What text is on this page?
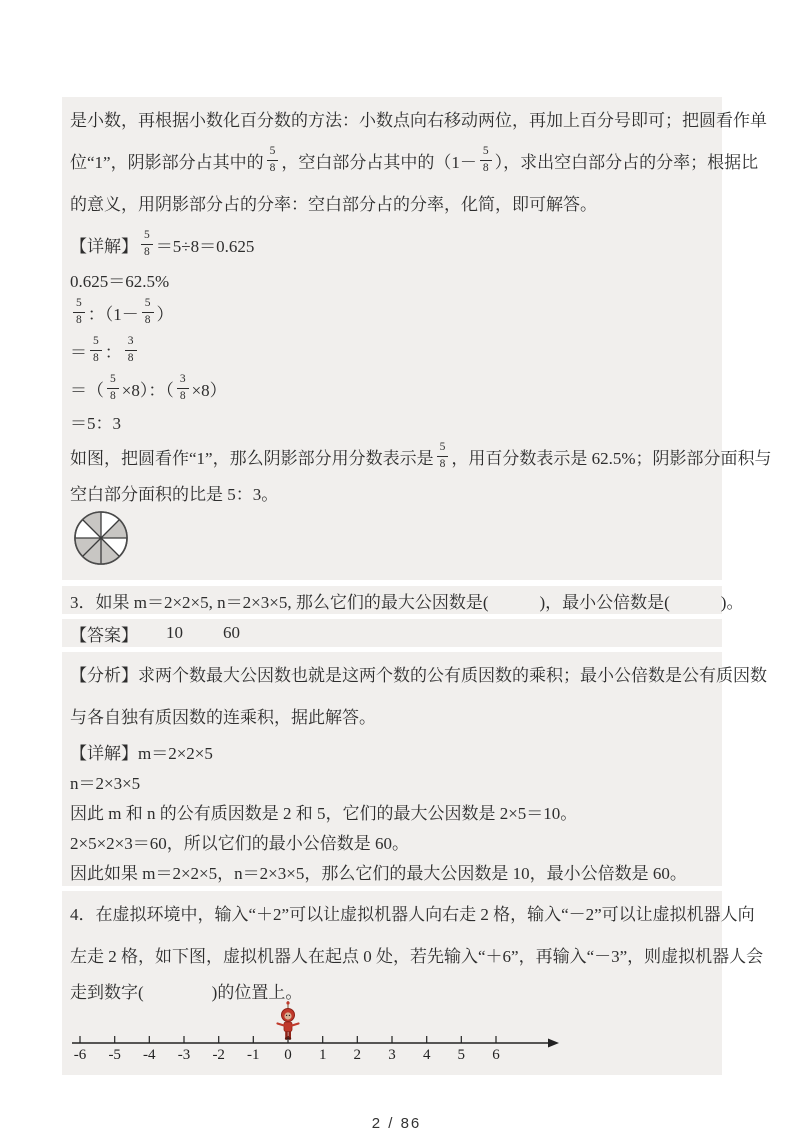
是小数，再根据小数化百分数的方法：小数点向右移动两位，再加上百分号即可；把圆看作单
位“1”，阴影部分占其中的 $\frac{5}{8}$ ，空白部分占其中的（$1- \frac{5}{8}$ ），求出空白部分占的分率；根据比
的意义，用阴影部分占的分率：空白部分占的分率，化简，即可解答。
【详解】 $\frac{5}{8} =5\div 8=0.625$
0.625＝62.5%
$\frac{5}{8}$ ：（$1- \frac{5}{8}$ ）
＝ $\frac{5}{8}$ ： $\frac{3}{8}$
＝（ $\frac{5}{8} \times 8$）：（ $\frac{3}{8} \times 8$）
＝5：3
如图，把圆看作“1”，那么阴影部分用分数表示是 $\frac{5}{8}$ ，用百分数表示是 62.5%；阴影部分面积与
空白部分面积的比是 5：3。
3．如果 m＝2×2×5, n＝2×3×5, 那么它们的最大公因数是(　　　)，最小公倍数是(　　　)。
【答案】 10 60
【分析】求两个数最大公因数也就是这两个数的公有质因数的乘积；最小公倍数是公有质因数
与各自独有质因数的连乘积，据此解答。
【详解】m＝2×2×5
n＝2×3×5
因此 m 和 n 的公有质因数是 2 和 5，它们的最大公因数是 2×5＝10。
2×5×2×3＝60，所以它们的最小公倍数是 60。
因此如果 m＝2×2×5，n＝2×3×5，那么它们的最大公因数是 10，最小公倍数是 60。
4．在虚拟环境中，输入“＋2”可以让虚拟机器人向右走 2 格，输入“－2”可以让虚拟机器人向
左走 2 格，如下图，虚拟机器人在起点 0 处，若先输入“＋6”，再输入“－3”，则虚拟机器人会
走到数字(　　　　)的位置上。
-6	-5	-4	-3	-2	-1	0	1	2	3	4	5	6
2 / 86
